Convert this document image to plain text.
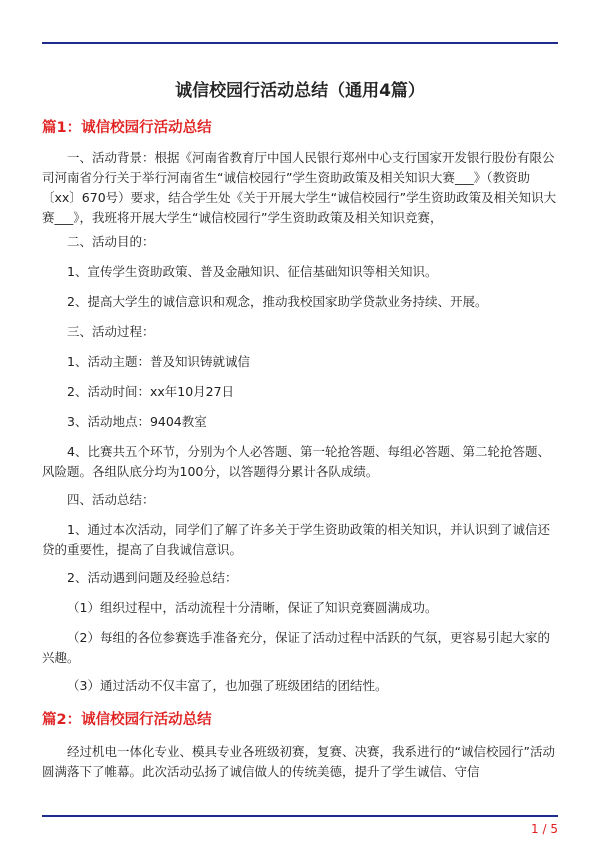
诚信校园行活动总结（通用4篇）
篇1：诚信校园行活动总结
一、活动背景：根据《河南省教育厅中国人民银行郑州中心支行国家开发银行股份有限公司河南省分行关于举行河南省生“诚信校园行”学生资助政策及相关知识大赛___》（教资助〔xx〕670号）要求，结合学生处《关于开展大学生“诚信校园行”学生资助政策及相关知识大赛___》，我班将开展大学生“诚信校园行”学生资助政策及相关知识竞赛，
二、活动目的：
1、宣传学生资助政策、普及金融知识、征信基础知识等相关知识。
2、提高大学生的诚信意识和观念，推动我校国家助学贷款业务持续、开展。
三、活动过程：
1、活动主题：普及知识铸就诚信
2、活动时间：xx年10月27日
3、活动地点：9404教室
4、比赛共五个环节，分别为个人必答题、第一轮抢答题、每组必答题、第二轮抢答题、风险题。各组队底分均为100分，以答题得分累计各队成绩。
四、活动总结：
1、通过本次活动，同学们了解了许多关于学生资助政策的相关知识，并认识到了诚信还贷的重要性，提高了自我诚信意识。
2、活动遇到问题及经验总结：
（1）组织过程中，活动流程十分清晰，保证了知识竞赛圆满成功。
（2）每组的各位参赛选手准备充分，保证了活动过程中活跃的气氛，更容易引起大家的兴趣。
（3）通过活动不仅丰富了，也加强了班级团结的团结性。
篇2：诚信校园行活动总结
经过机电一体化专业、模具专业各班级初赛，复赛、决赛，我系进行的“诚信校园行”活动圆满落下了帷幕。此次活动弘扬了诚信做人的传统美德，提升了学生诚信、守信
1 / 5
